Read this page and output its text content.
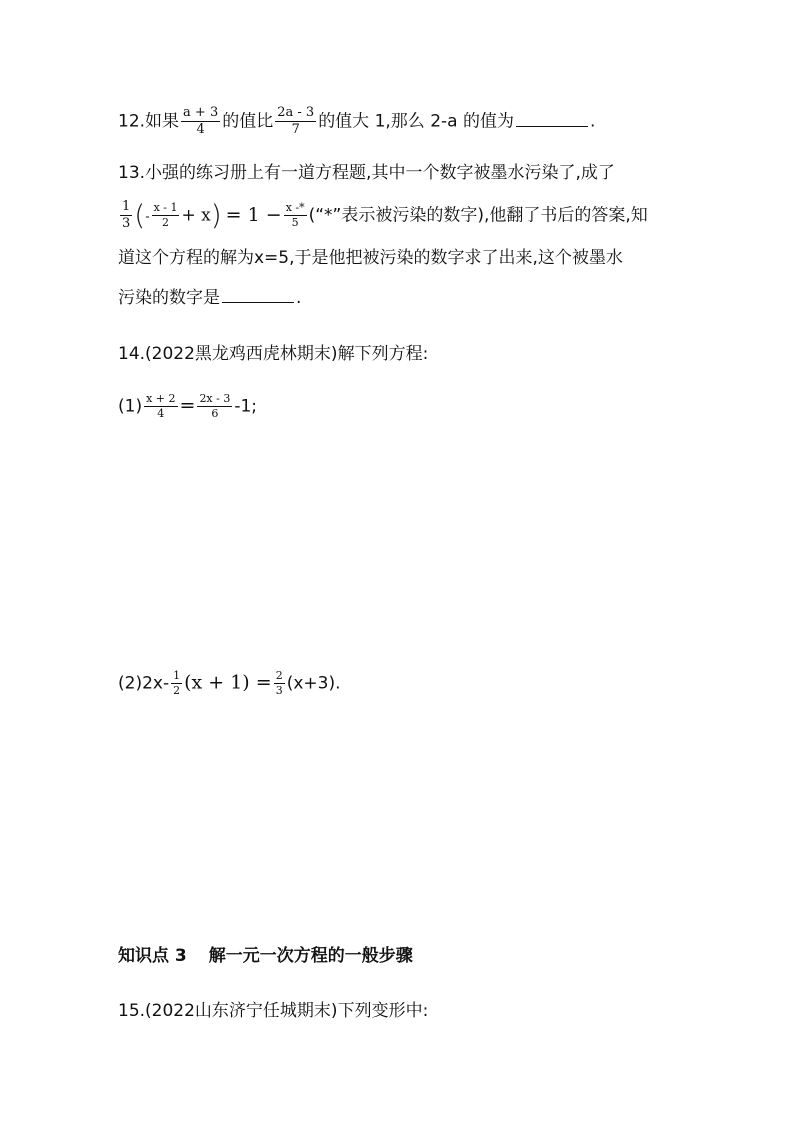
12.如果 $\frac{a + 3}{4}$ 的值比 $\frac{2a - 3}{7}$ 的值大 1,那么 2-a 的值为	.
13.小强的练习册上有一道方程题,其中一个数字被墨水污染了,成了
$\frac{1}{3}$ (- $\frac{x - 1}{2} + x) = 1 - \frac{x -*}{5}$ (“*”表示被污染的数字),他翻了书后的答案,知
道这个方程的解为x=5,于是他把被污染的数字求了出来,这个被墨水
污染的数字是	.
14.(2022黑龙鸡西虎林期末)解下列方程:
$(1) \frac{x + 2}{4} = \frac{2x - 3}{6} -1$;
$(2)2x- \frac{1}{2} (x + 1) = \frac{2}{3} (x+3)$.
知识点 3 解一元一次方程的一般步骤
15.(2022山东济宁任城期末)下列变形中:
